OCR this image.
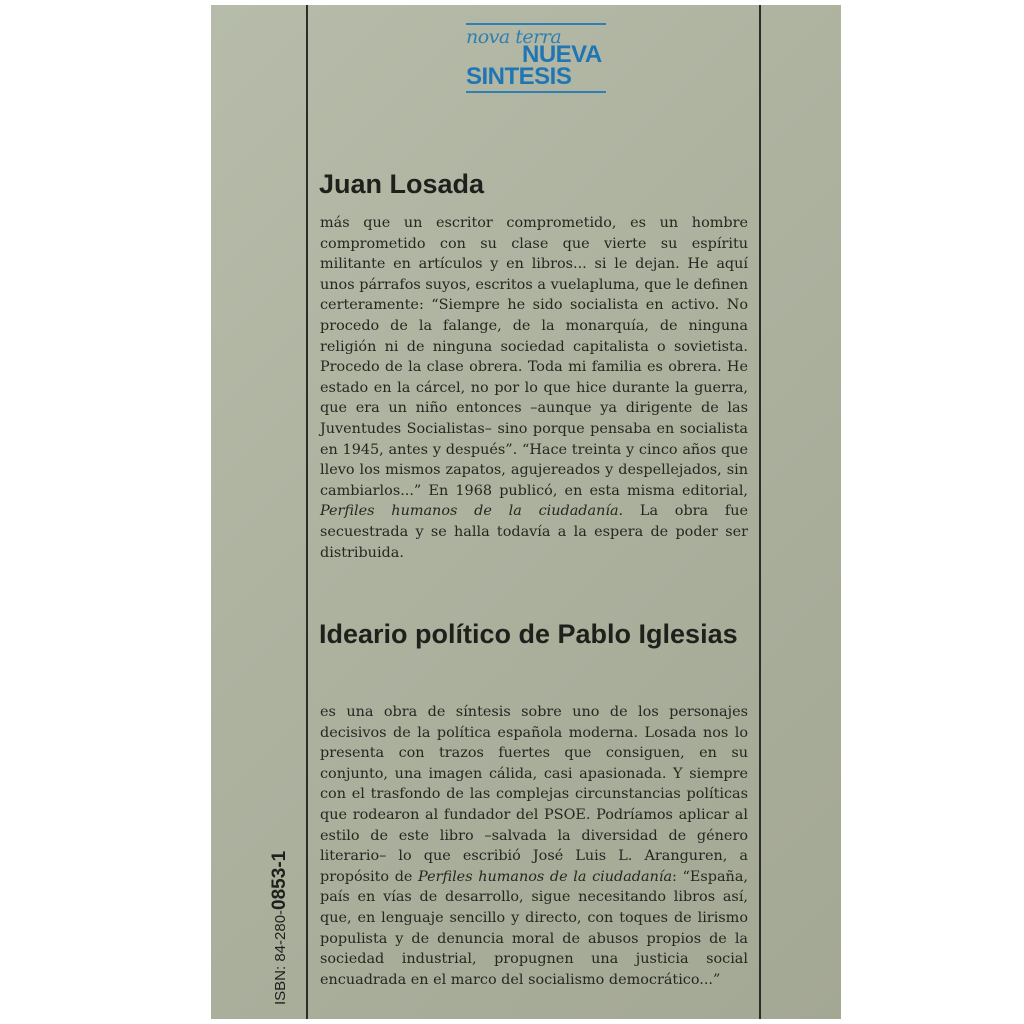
nova terra
NUEVA
SINTESIS
Juan Losada

más que un escritor comprometido, es un hombre comprometido con su clase que vierte su espíritu militante en artículos y en libros... si le dejan. He aquí unos párrafos suyos, escritos a vuelapluma, que le definen certeramente: “Siempre he sido socialista en activo. No procedo de la falange, de la monarquía, de ninguna religión ni de ninguna sociedad capitalista o sovietista. Procedo de la clase obrera. Toda mi familia es obrera. He estado en la cárcel, no por lo que hice durante la guerra, que era un niño entonces –aunque ya dirigente de las Juventudes Socialistas– sino porque pensaba en socialista en 1945, antes y después”. “Hace treinta y cinco años que llevo los mismos zapatos, agujereados y despellejados, sin cambiarlos...” En 1968 publicó, en esta misma editorial, Perfiles humanos de la ciudadanía. La obra fue secuestrada y se halla todavía a la espera de poder ser distribuida.

Ideario político de Pablo Iglesias

es una obra de síntesis sobre uno de los personajes decisivos de la política española moderna. Losada nos lo presenta con trazos fuertes que consiguen, en su conjunto, una imagen cálida, casi apasionada. Y siempre con el trasfondo de las complejas circunstancias políticas que rodearon al fundador del PSOE. Podríamos aplicar al estilo de este libro –salvada la diversidad de género literario– lo que escribió José Luis L. Aranguren, a propósito de Perfiles humanos de la ciudadanía: “España, país en vías de desarrollo, sigue necesitando libros así, que, en lenguaje sencillo y directo, con toques de lirismo populista y de denuncia moral de abusos propios de la sociedad industrial, propugnen una justicia social encuadrada en el marco del socialismo democrático...”

ISBN: 84-280-0853-1
